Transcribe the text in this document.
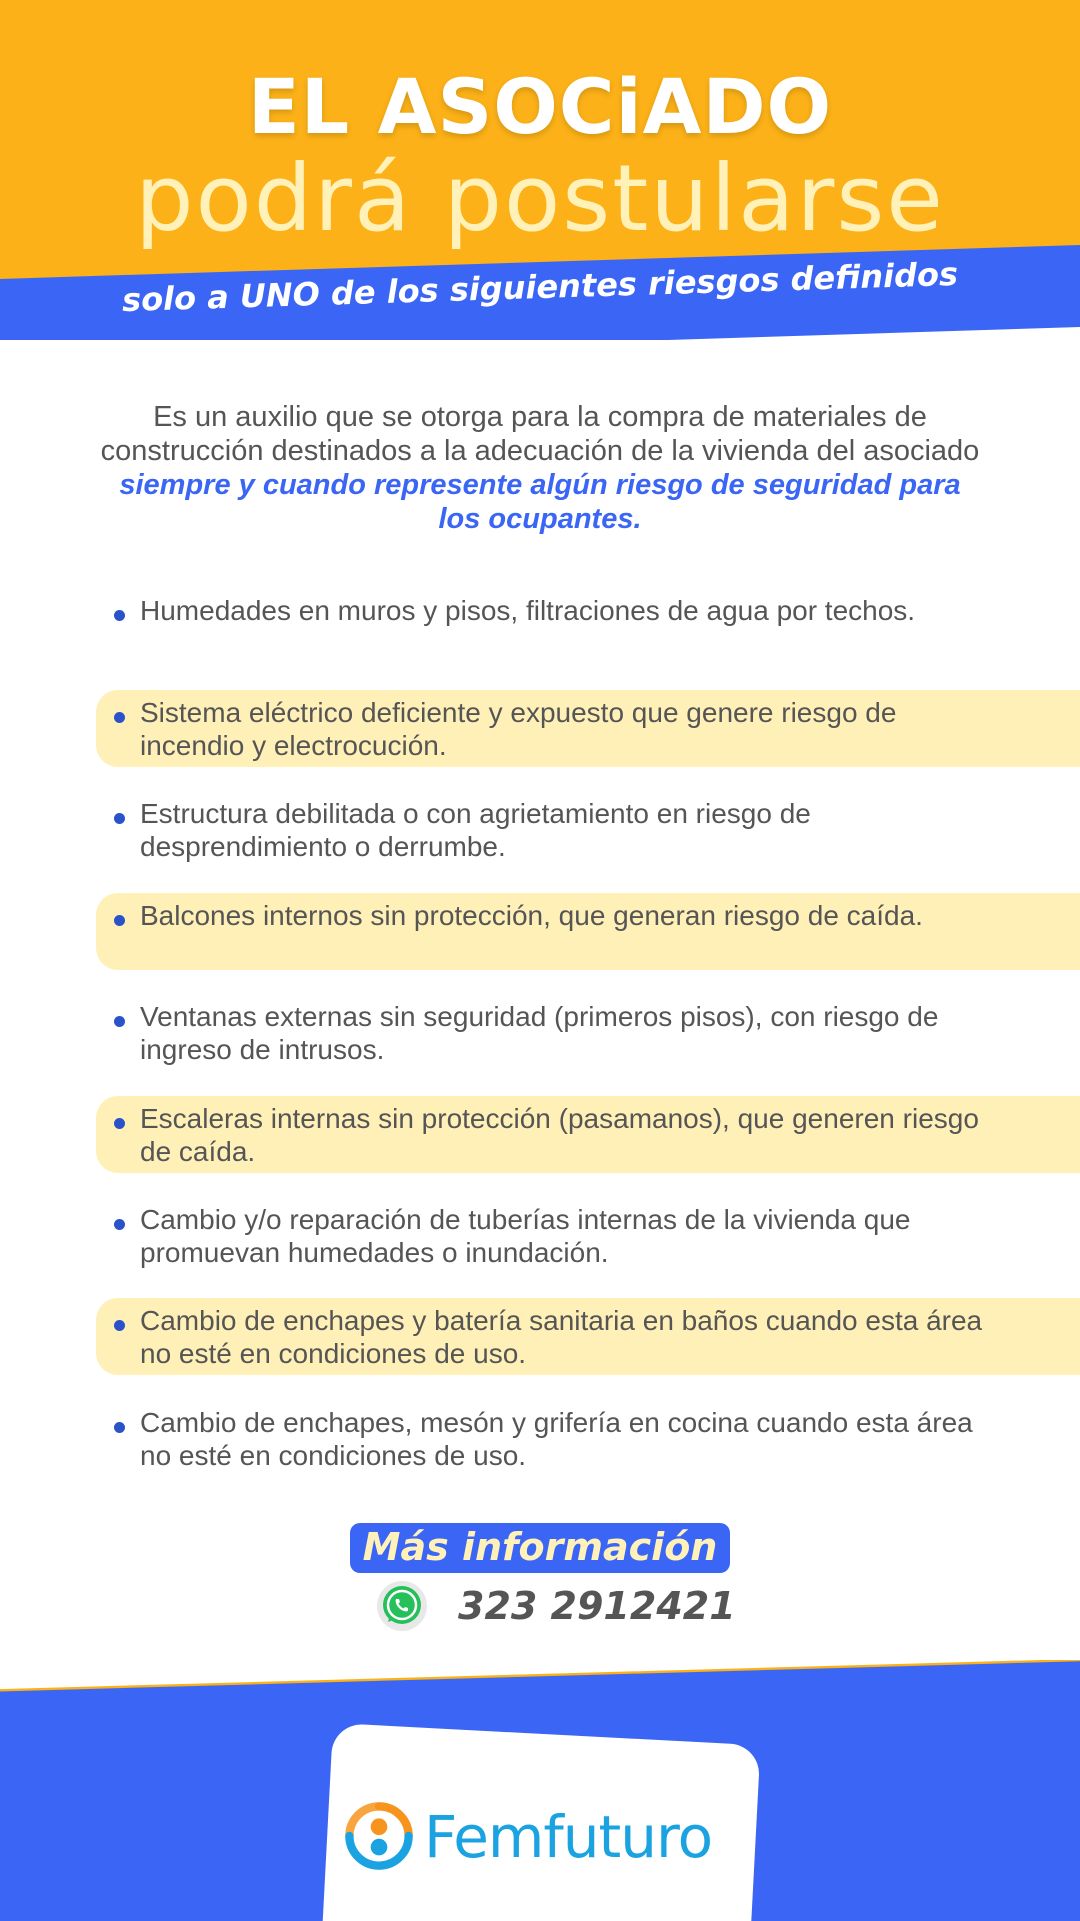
EL ASOCiADO
podrá postularse
solo a UNO de los siguientes riesgos definidos

Es un auxilio que se otorga para la compra de materiales de construcción destinados a la adecuación de la vivienda del asociado siempre y cuando represente algún riesgo de seguridad para los ocupantes.

Humedades en muros y pisos, filtraciones de agua por techos.
Sistema eléctrico deficiente y expuesto que genere riesgo de incendio y electrocución.
Estructura debilitada o con agrietamiento en riesgo de desprendimiento o derrumbe.
Balcones internos sin protección, que generan riesgo de caída.
Ventanas externas sin seguridad (primeros pisos), con riesgo de ingreso de intrusos.
Escaleras internas sin protección (pasamanos), que generen riesgo de caída.
Cambio y/o reparación de tuberías internas de la vivienda que promuevan humedades o inundación.
Cambio de enchapes y batería sanitaria en baños cuando esta área no esté en condiciones de uso.
Cambio de enchapes, mesón y grifería en cocina cuando esta área no esté en condiciones de uso.
Más información
323 2912421
Femfuturo
